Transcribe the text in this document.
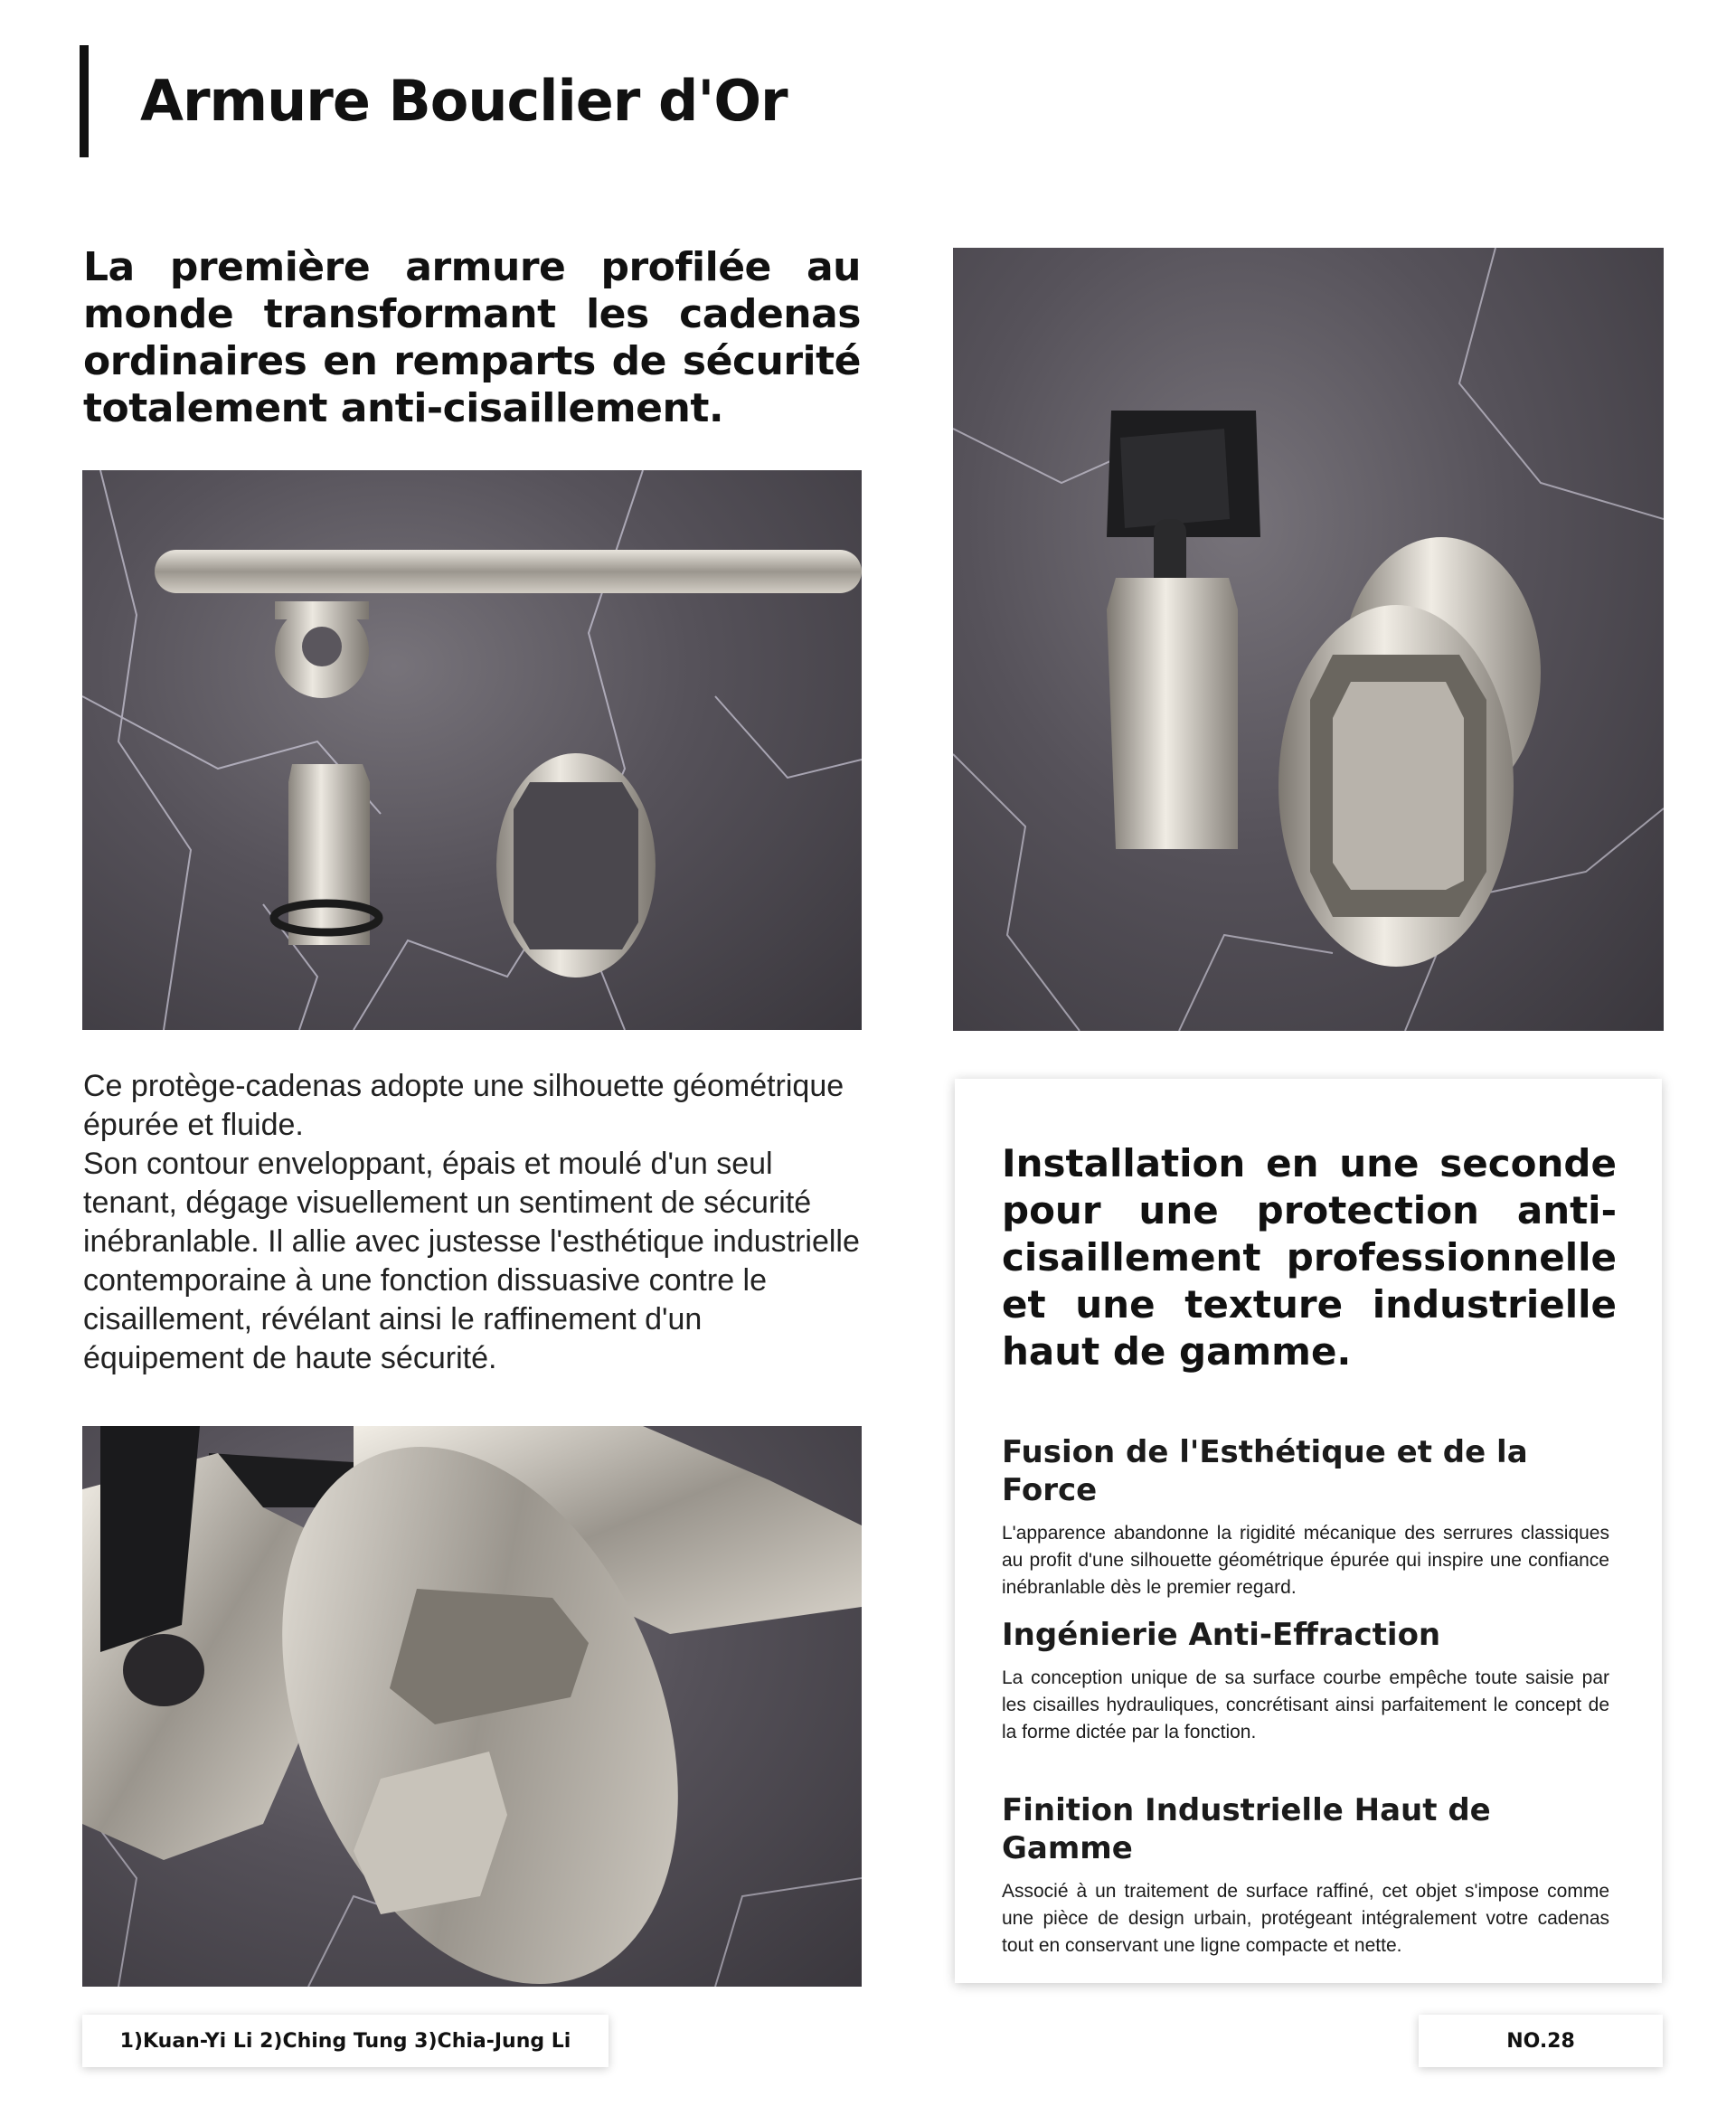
Armure Bouclier d'Or

La première armure profilée au monde transformant les cadenas ordinaires en remparts de sécurité totalement anti-cisaillement.

Ce protège-cadenas adopte une silhouette géométrique épurée et fluide.
Son contour enveloppant, épais et moulé d'un seul tenant, dégage visuellement un sentiment de sécurité inébranlable. Il allie avec justesse l'esthétique industrielle contemporaine à une fonction dissuasive contre le cisaillement, révélant ainsi le raffinement d'un équipement de haute sécurité.

Installation en une seconde pour une protection anti-cisaillement professionnelle et une texture industrielle haut de gamme.
Fusion de l'Esthétique et de la Force

L'apparence abandonne la rigidité mécanique des serrures classiques au profit d'une silhouette géométrique épurée qui inspire une confiance inébranlable dès le premier regard.

Ingénierie Anti-Effraction

La conception unique de sa surface courbe empêche toute saisie par les cisailles hydrauliques, concrétisant ainsi parfaitement le concept de la forme dictée par la fonction.

Finition Industrielle Haut de Gamme

Associé à un traitement de surface raffiné, cet objet s'impose comme une pièce de design urbain, protégeant intégralement votre cadenas tout en conservant une ligne compacte et nette.

1)Kuan-Yi Li 2)Ching Tung 3)Chia-Jung Li	NO.28
